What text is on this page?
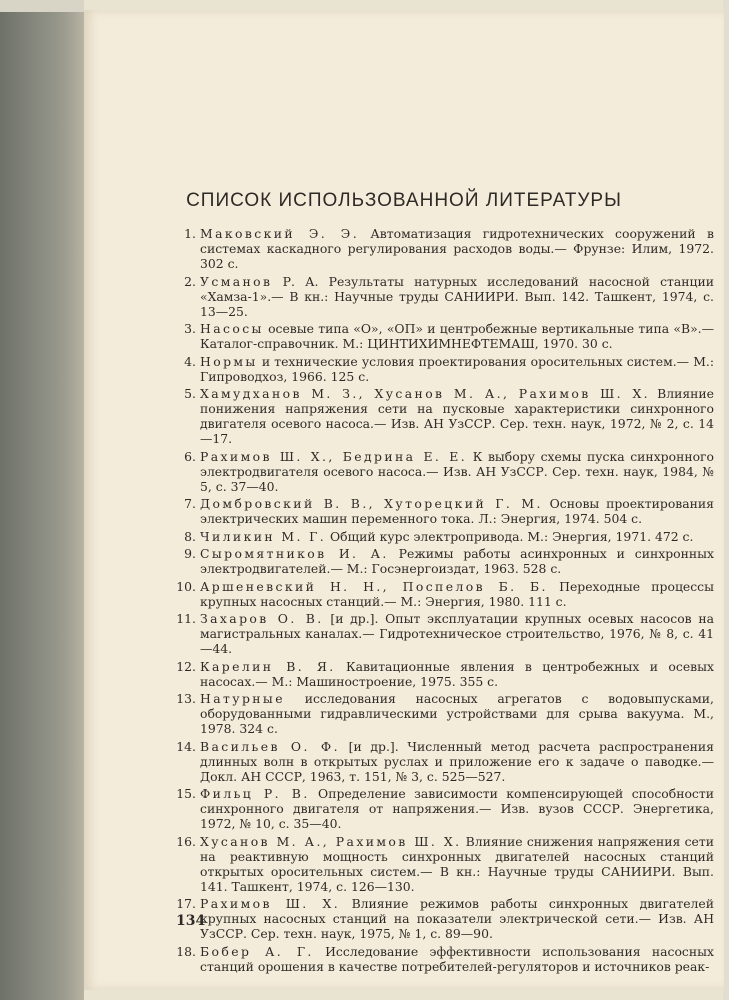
СПИСОК ИСПОЛЬЗОВАННОЙ ЛИТЕРАТУРЫ
1. Маковский Э. Э. Автоматизация гидротехнических сооружений в системах каскадного регулирования расходов воды.— Фрунзе: Илим, 1972. 302 с.
2. Усманов Р. А. Результаты натурных исследований насосной станции «Хамза-1».— В кн.: Научные труды САНИИРИ. Вып. 142. Ташкент, 1974, с. 13—25.
3. Насосы осевые типа «О», «ОП» и центробежные вертикальные типа «В».— Каталог-справочник. М.: ЦИНТИХИМНЕФТЕМАШ, 1970. 30 с.
4. Нормы и технические условия проектирования оросительных систем.— М.: Гипроводхоз, 1966. 125 с.
5. Хамудханов М. З., Хусанов М. А., Рахимов Ш. Х. Влияние понижения напряжения сети на пусковые характеристики синхронного двигателя осевого насоса.— Изв. АН УзССР. Сер. техн. наук, 1972, № 2, с. 14—17.
6. Рахимов Ш. Х., Бедрина Е. Е. К выбору схемы пуска синхронного электродвигателя осевого насоса.— Изв. АН УзССР. Сер. техн. наук, 1984, № 5, с. 37—40.
7. Домбровский В. В., Хуторецкий Г. М. Основы проектирования электрических машин переменного тока. Л.: Энергия, 1974. 504 с.
8. Чиликин М. Г. Общий курс электропривода. М.: Энергия, 1971. 472 с.
9. Сыромятников И. А. Режимы работы асинхронных и синхронных электродвигателей.— М.: Госэнергоиздат, 1963. 528 с.
10. Аршеневский Н. Н., Поспелов Б. Б. Переходные процессы крупных насосных станций.— М.: Энергия, 1980. 111 с.
11. Захаров О. В. [и др.]. Опыт эксплуатации крупных осевых насосов на магистральных каналах.— Гидротехническое строительство, 1976, № 8, с. 41—44.
12. Карелин В. Я. Кавитационные явления в центробежных и осевых насосах.— М.: Машиностроение, 1975. 355 с.
13. Натурные исследования насосных агрегатов с водовыпусками, оборудованными гидравлическими устройствами для срыва вакуума. М., 1978. 324 с.
14. Васильев О. Ф. [и др.]. Численный метод расчета распространения длинных волн в открытых руслах и приложение его к задаче о паводке.— Докл. АН СССР, 1963, т. 151, № 3, с. 525—527.
15. Фильц Р. В. Определение зависимости компенсирующей способности синхронного двигателя от напряжения.— Изв. вузов СССР. Энергетика, 1972, № 10, с. 35—40.
16. Хусанов М. А., Рахимов Ш. Х. Влияние снижения напряжения сети на реактивную мощность синхронных двигателей насосных станций открытых оросительных систем.— В кн.: Научные труды САНИИРИ. Вып. 141. Ташкент, 1974, с. 126—130.
17. Рахимов Ш. Х. Влияние режимов работы синхронных двигателей крупных насосных станций на показатели электрической сети.— Изв. АН УзССР. Сер. техн. наук, 1975, № 1, с. 89—90.
18. Бобер А. Г. Исследование эффективности использования насосных станций орошения в качестве потребителей-регуляторов и источников реак-
134
